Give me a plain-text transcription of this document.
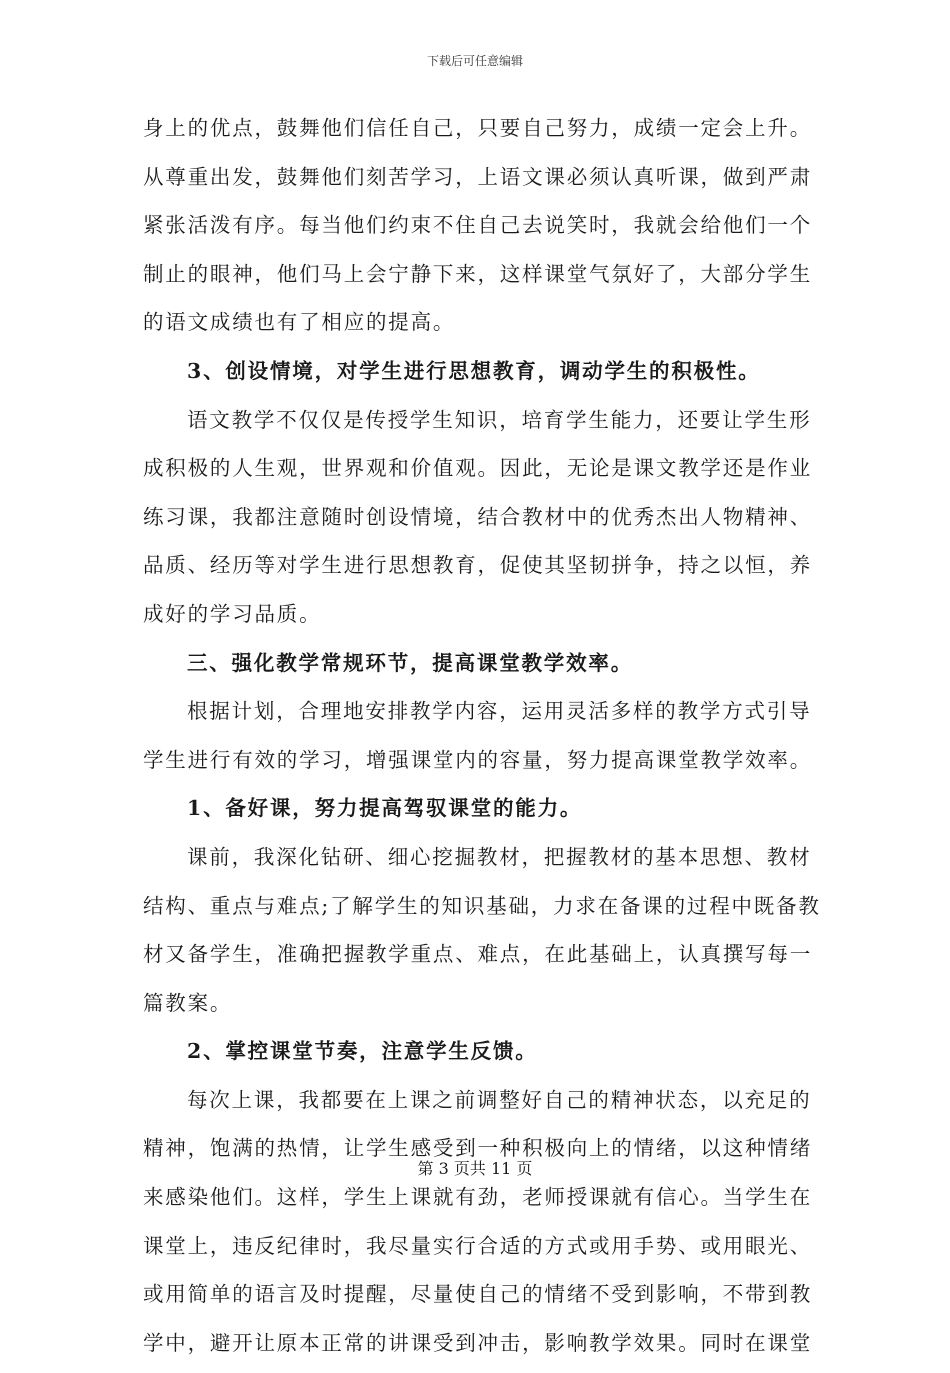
下载后可任意编辑
身上的优点，鼓舞他们信任自己，只要自己努力，成绩一定会上升。
从尊重出发，鼓舞他们刻苦学习，上语文课必须认真听课，做到严肃
紧张活泼有序。每当他们约束不住自己去说笑时，我就会给他们一个
制止的眼神，他们马上会宁静下来，这样课堂气氛好了，大部分学生
的语文成绩也有了相应的提高。
3、创设情境，对学生进行思想教育，调动学生的积极性。
语文教学不仅仅是传授学生知识，培育学生能力，还要让学生形
成积极的人生观，世界观和价值观。因此，无论是课文教学还是作业
练习课，我都注意随时创设情境，结合教材中的优秀杰出人物精神、
品质、经历等对学生进行思想教育，促使其坚韧拼争，持之以恒，养
成好的学习品质。
三、强化教学常规环节，提高课堂教学效率。
根据计划，合理地安排教学内容，运用灵活多样的教学方式引导
学生进行有效的学习，增强课堂内的容量，努力提高课堂教学效率。
1、备好课，努力提高驾驭课堂的能力。
课前，我深化钻研、细心挖掘教材，把握教材的基本思想、教材
结构、重点与难点;了解学生的知识基础，力求在备课的过程中既备教
材又备学生，准确把握教学重点、难点，在此基础上，认真撰写每一
篇教案。
2、掌控课堂节奏，注意学生反馈。
每次上课，我都要在上课之前调整好自己的精神状态，以充足的
精神，饱满的热情，让学生感受到一种积极向上的情绪，以这种情绪
来感染他们。这样，学生上课就有劲，老师授课就有信心。当学生在
课堂上，违反纪律时，我尽量实行合适的方式或用手势、或用眼光、
或用简单的语言及时提醒，尽量使自己的情绪不受到影响，不带到教
学中，避开让原本正常的讲课受到冲击，影响教学效果。同时在课堂
第 3 页共 11 页
